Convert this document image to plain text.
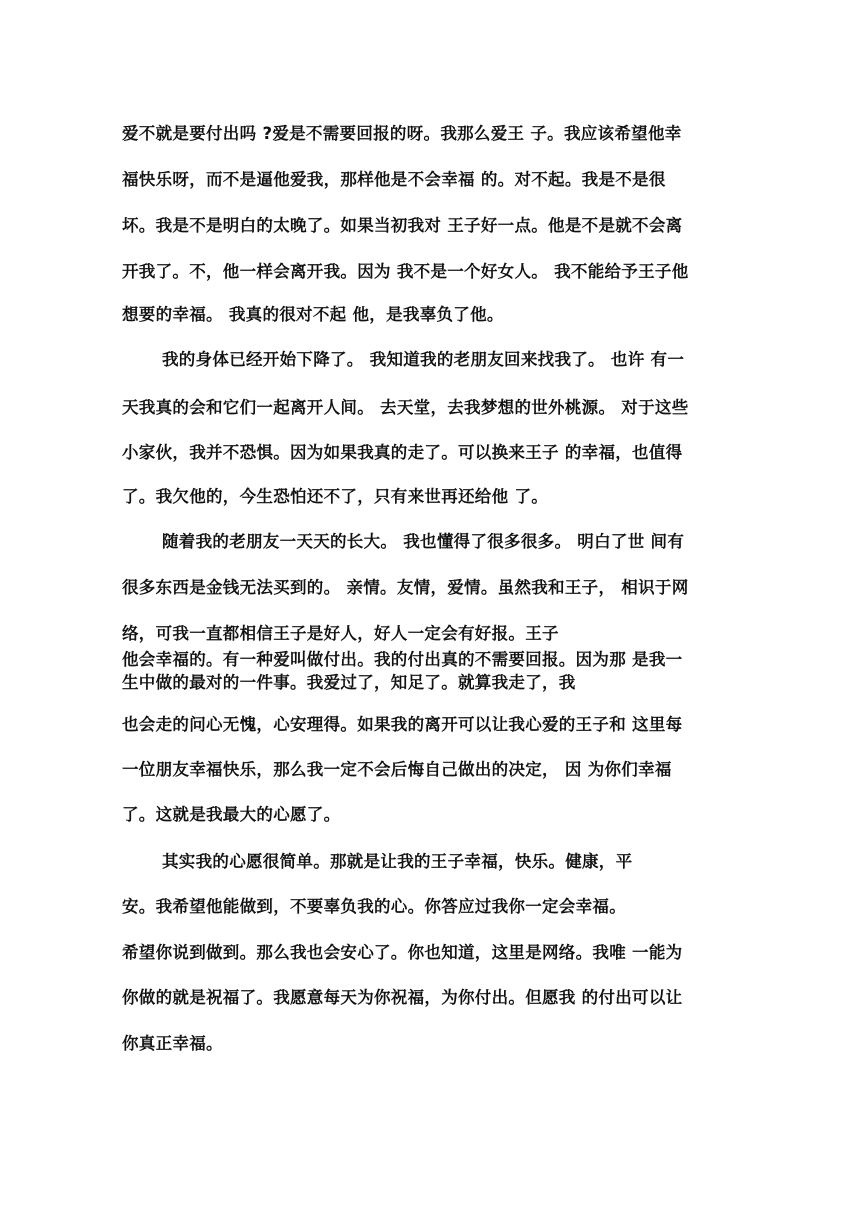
爱不就是要付出吗 ?爱是不需要回报的呀。我那么爱王 子。我应该希望他幸
福快乐呀，而不是逼他爱我，那样他是不会幸福 的。对不起。我是不是很
坏。我是不是明白的太晚了。如果当初我对 王子好一点。他是不是就不会离
开我了。不，他一样会离开我。因为 我不是一个好女人。 我不能给予王子他
想要的幸福。 我真的很对不起 他，是我辜负了他。
我的身体已经开始下降了。 我知道我的老朋友回来找我了。 也许 有一
天我真的会和它们一起离开人间。 去天堂，去我梦想的世外桃源。 对于这些
小家伙，我并不恐惧。因为如果我真的走了。可以换来王子 的幸福，也值得
了。我欠他的，今生恐怕还不了，只有来世再还给他 了。
随着我的老朋友一天天的长大。 我也懂得了很多很多。 明白了世 间有
很多东西是金钱无法买到的。 亲情。友情，爱情。虽然我和王子， 相识于网
络，可我一直都相信王子是好人，好人一定会有好报。王子
他会幸福的。有一种爱叫做付出。我的付出真的不需要回报。因为那 是我一
生中做的最对的一件事。我爱过了，知足了。就算我走了，我
也会走的问心无愧，心安理得。如果我的离开可以让我心爱的王子和 这里每
一位朋友幸福快乐，那么我一定不会后悔自己做出的决定， 因 为你们幸福
了。这就是我最大的心愿了。
其实我的心愿很简单。那就是让我的王子幸福，快乐。健康，平
安。我希望他能做到，不要辜负我的心。你答应过我你一定会幸福。
希望你说到做到。那么我也会安心了。你也知道，这里是网络。我唯 一能为
你做的就是祝福了。我愿意每天为你祝福，为你付出。但愿我 的付出可以让
你真正幸福。
